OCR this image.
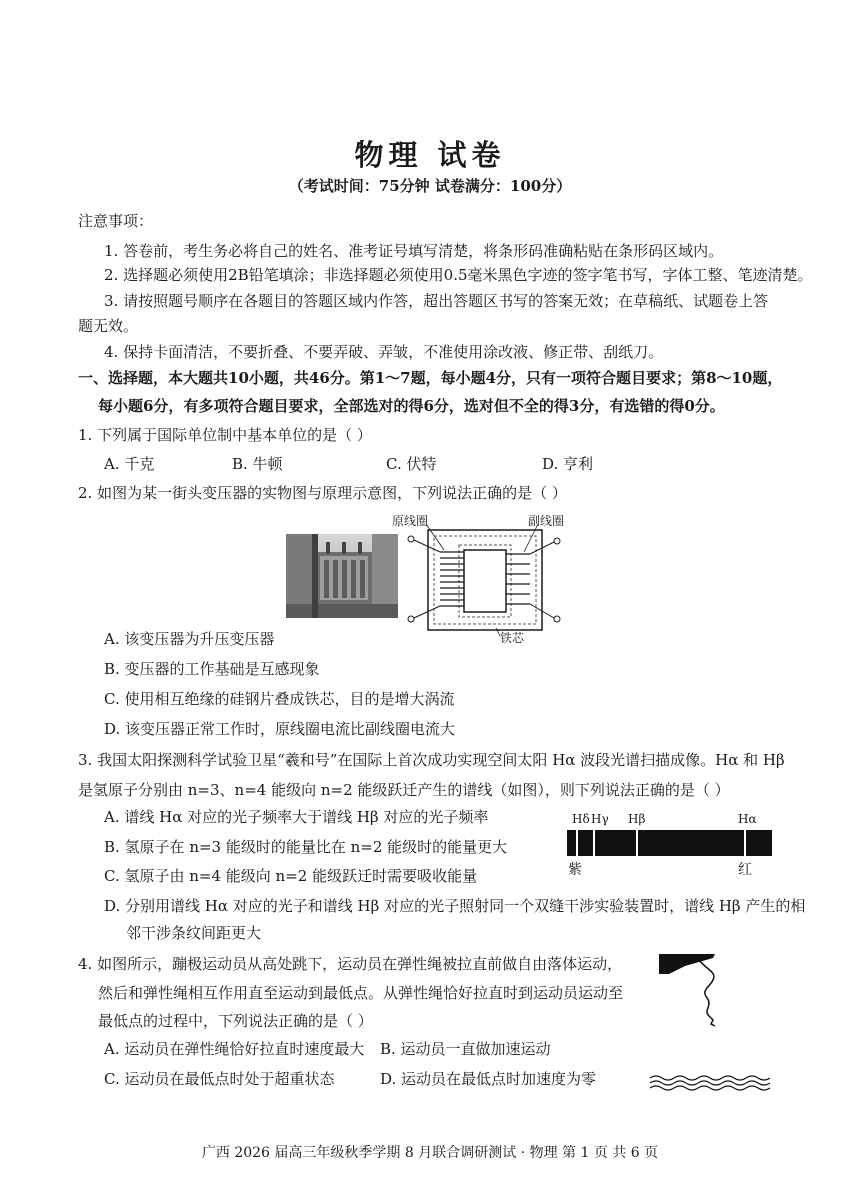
物理 试卷
（考试时间：75分钟 试卷满分：100分）
注意事项：
1. 答卷前，考生务必将自己的姓名、准考证号填写清楚，将条形码准确粘贴在条形码区域内。
2. 选择题必须使用2B铅笔填涂；非选择题必须使用0.5毫米黑色字迹的签字笔书写，字体工整、笔迹清楚。
3. 请按照题号顺序在各题目的答题区域内作答，超出答题区书写的答案无效；在草稿纸、试题卷上答
题无效。
4. 保持卡面清洁，不要折叠、不要弄破、弄皱，不准使用涂改液、修正带、刮纸刀。
一、选择题，本大题共10小题，共46分。第1～7题，每小题4分，只有一项符合题目要求；第8～10题，
每小题6分，有多项符合题目要求，全部选对的得6分，选对但不全的得3分，有选错的得0分。
1. 下列属于国际单位制中基本单位的是（ ）
A. 千克	B. 牛顿	C. 伏特	D. 亨利
2. 如图为某一街头变压器的实物图与原理示意图，下列说法正确的是（ ）
原线圈	副线圈
铁芯
A. 该变压器为升压变压器
B. 变压器的工作基础是互感现象
C. 使用相互绝缘的硅钢片叠成铁芯，目的是增大涡流
D. 该变压器正常工作时，原线圈电流比副线圈电流大
3. 我国太阳探测科学试验卫星“羲和号”在国际上首次成功实现空间太阳 Hα 波段光谱扫描成像。Hα 和 Hβ
是氢原子分别由 n=3、n=4 能级向 n=2 能级跃迁产生的谱线（如图），则下列说法正确的是（ ）
A. 谱线 Hα 对应的光子频率大于谱线 Hβ 对应的光子频率
B. 氢原子在 n=3 能级时的能量比在 n=2 能级时的能量更大
C. 氢原子由 n=4 能级向 n=2 能级跃迁时需要吸收能量
D. 分别用谱线 Hα 对应的光子和谱线 Hβ 对应的光子照射同一个双缝干涉实验装置时，谱线 Hβ 产生的相
邻干涉条纹间距更大
Hδ Hγ Hβ	Hα
紫	红
4. 如图所示，蹦极运动员从高处跳下，运动员在弹性绳被拉直前做自由落体运动，
然后和弹性绳相互作用直至运动到最低点。从弹性绳恰好拉直时到运动员运动至
最低点的过程中，下列说法正确的是（ ）
A. 运动员在弹性绳恰好拉直时速度最大 B. 运动员一直做加速运动
C. 运动员在最低点时处于超重状态	D. 运动员在最低点时加速度为零
广西 2026 届高三年级秋季学期 8 月联合调研测试 · 物理 第 1 页 共 6 页
